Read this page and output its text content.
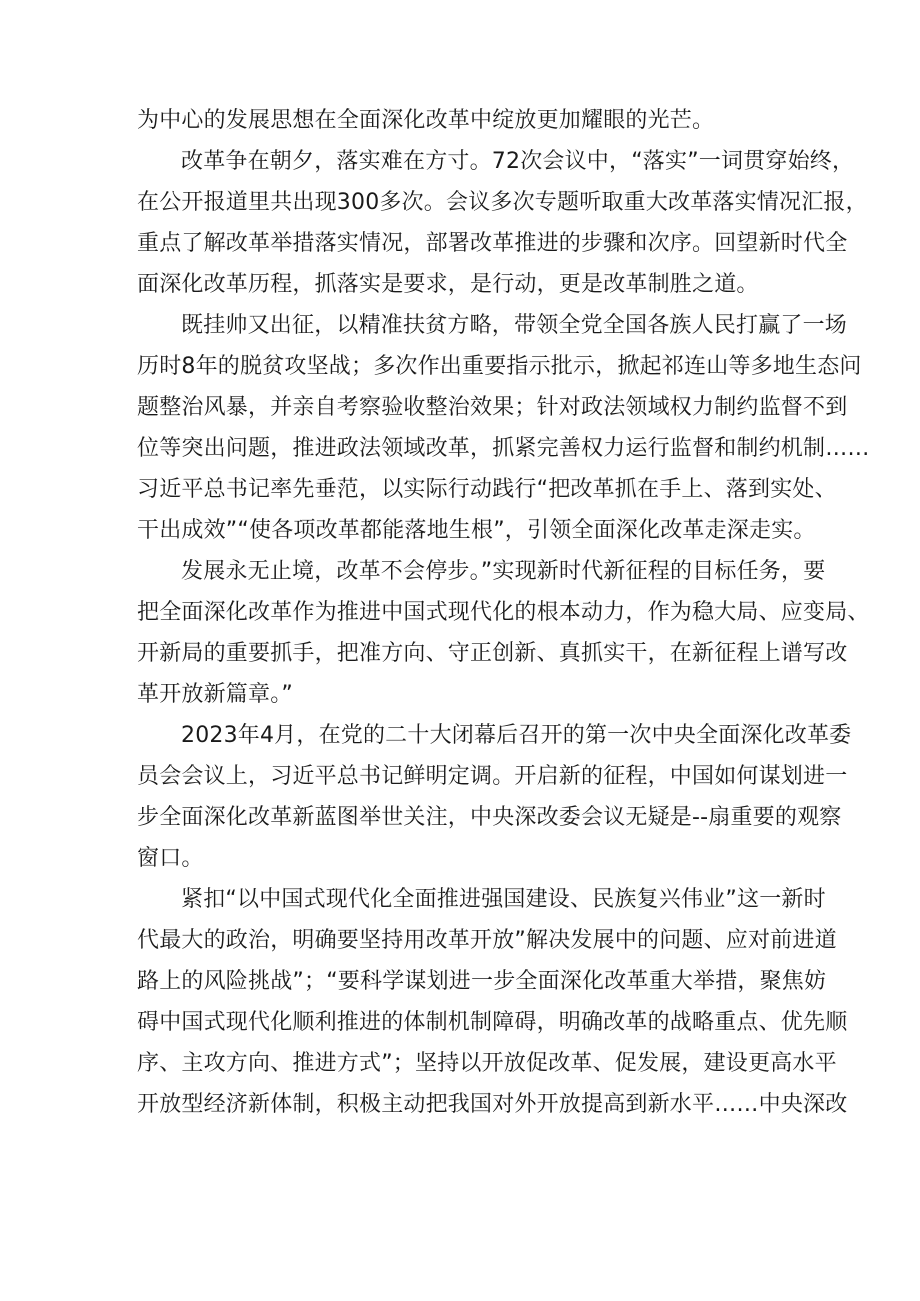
为中心的发展思想在全面深化改革中绽放更加耀眼的光芒。
改革争在朝夕，落实难在方寸。72次会议中，“落实”一词贯穿始终，
在公开报道里共出现300多次。会议多次专题听取重大改革落实情况汇报，
重点了解改革举措落实情况，部署改革推进的步骤和次序。回望新时代全
面深化改革历程，抓落实是要求，是行动，更是改革制胜之道。
既挂帅又出征，以精准扶贫方略，带领全党全国各族人民打赢了一场
历时8年的脱贫攻坚战；多次作出重要指示批示，掀起祁连山等多地生态问
题整治风暴，并亲自考察验收整治效果；针对政法领域权力制约监督不到
位等突出问题，推进政法领域改革，抓紧完善权力运行监督和制约机制……
习近平总书记率先垂范，以实际行动践行“把改革抓在手上、落到实处、
干出成效”“使各项改革都能落地生根”，引领全面深化改革走深走实。
发展永无止境，改革不会停步。”实现新时代新征程的目标任务，要
把全面深化改革作为推进中国式现代化的根本动力，作为稳大局、应变局、
开新局的重要抓手，把准方向、守正创新、真抓实干，在新征程上谱写改
革开放新篇章。”
2023年4月，在党的二十大闭幕后召开的第一次中央全面深化改革委
员会会议上，习近平总书记鲜明定调。开启新的征程，中国如何谋划进一
步全面深化改革新蓝图举世关注，中央深改委会议无疑是--扇重要的观察
窗口。
紧扣“以中国式现代化全面推进强国建设、民族复兴伟业”这一新时
代最大的政治，明确要坚持用改革开放”解决发展中的问题、应对前进道
路上的风险挑战”；“要科学谋划进一步全面深化改革重大举措，聚焦妨
碍中国式现代化顺利推进的体制机制障碍，明确改革的战略重点、优先顺
序、主攻方向、推进方式”；坚持以开放促改革、促发展，建设更高水平
开放型经济新体制，积极主动把我国对外开放提高到新水平……中央深改
